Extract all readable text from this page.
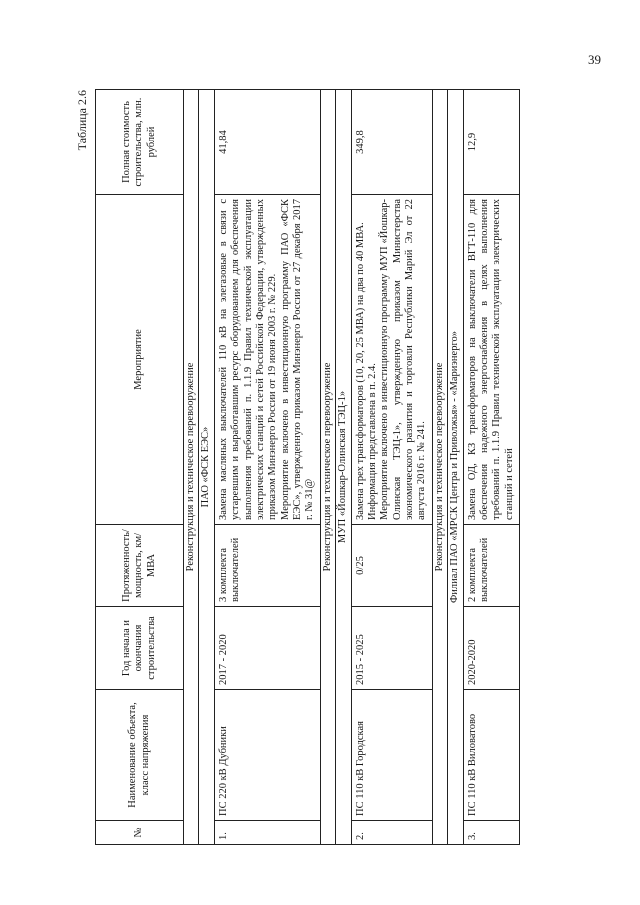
39
Таблица 2.6
№	Наименование объекта, класс напряжения	Год начала и окончания строительства	Протяженность/ мощность, км/МВА	Мероприятие	Полная стоимость строительства, млн. рублей
Реконструкция и техническое перевооружение					
ПАО «ФСК ЕЭС»					
1.	ПС 220 кВ Дубники	2017 - 2020	3 комплекта выключателей	Замена масляных выключателей 110 кВ на элегазовые в связи с устаревшим и выработавшим ресурс оборудованием для обеспечения выполнения требований п. 1.1.9 Правил технической эксплуатации электрических станций и сетей Российской Федерации, утвержденных приказом Минэнерго России от 19 июня 2003 г. № 229. Мероприятие включено в инвестиционную программу ПАО «ФСК ЕЭС», утвержденную приказом Минэнерго России от 27 декабря 2017 г. № 31@	41,84
Реконструкция и техническое перевооружение					
МУП «Йошкар-Олинская ТЭЦ-1»					
2.	ПС 110 кВ Городская	2015 - 2025	0/25	Замена трех трансформаторов (10, 20, 25 МВА) на два по 40 МВА. Информация представлена в п. 2.4. Мероприятие включено в инвестиционную программу МУП «Йошкар-Олинская ТЭЦ-1», утвержденную приказом Министерства экономического развития и торговли Республики Марий Эл от 22 августа 2016 г. № 241.	349,8
Реконструкция и техническое перевооружение					
Филиал ПАО «МРСК Центра и Приволжья» - «Мариэнерго»					
3.	ПС 110 кВ Виловатово	2020-2020	2 комплекта выключателей	Замена ОД, КЗ трансформаторов на выключатели ВГТ-110 для обеспечения надежного энергоснабжения в целях выполнения требований п. 1.1.9 Правил технической эксплуатации электрических станций и сетей	12,9
